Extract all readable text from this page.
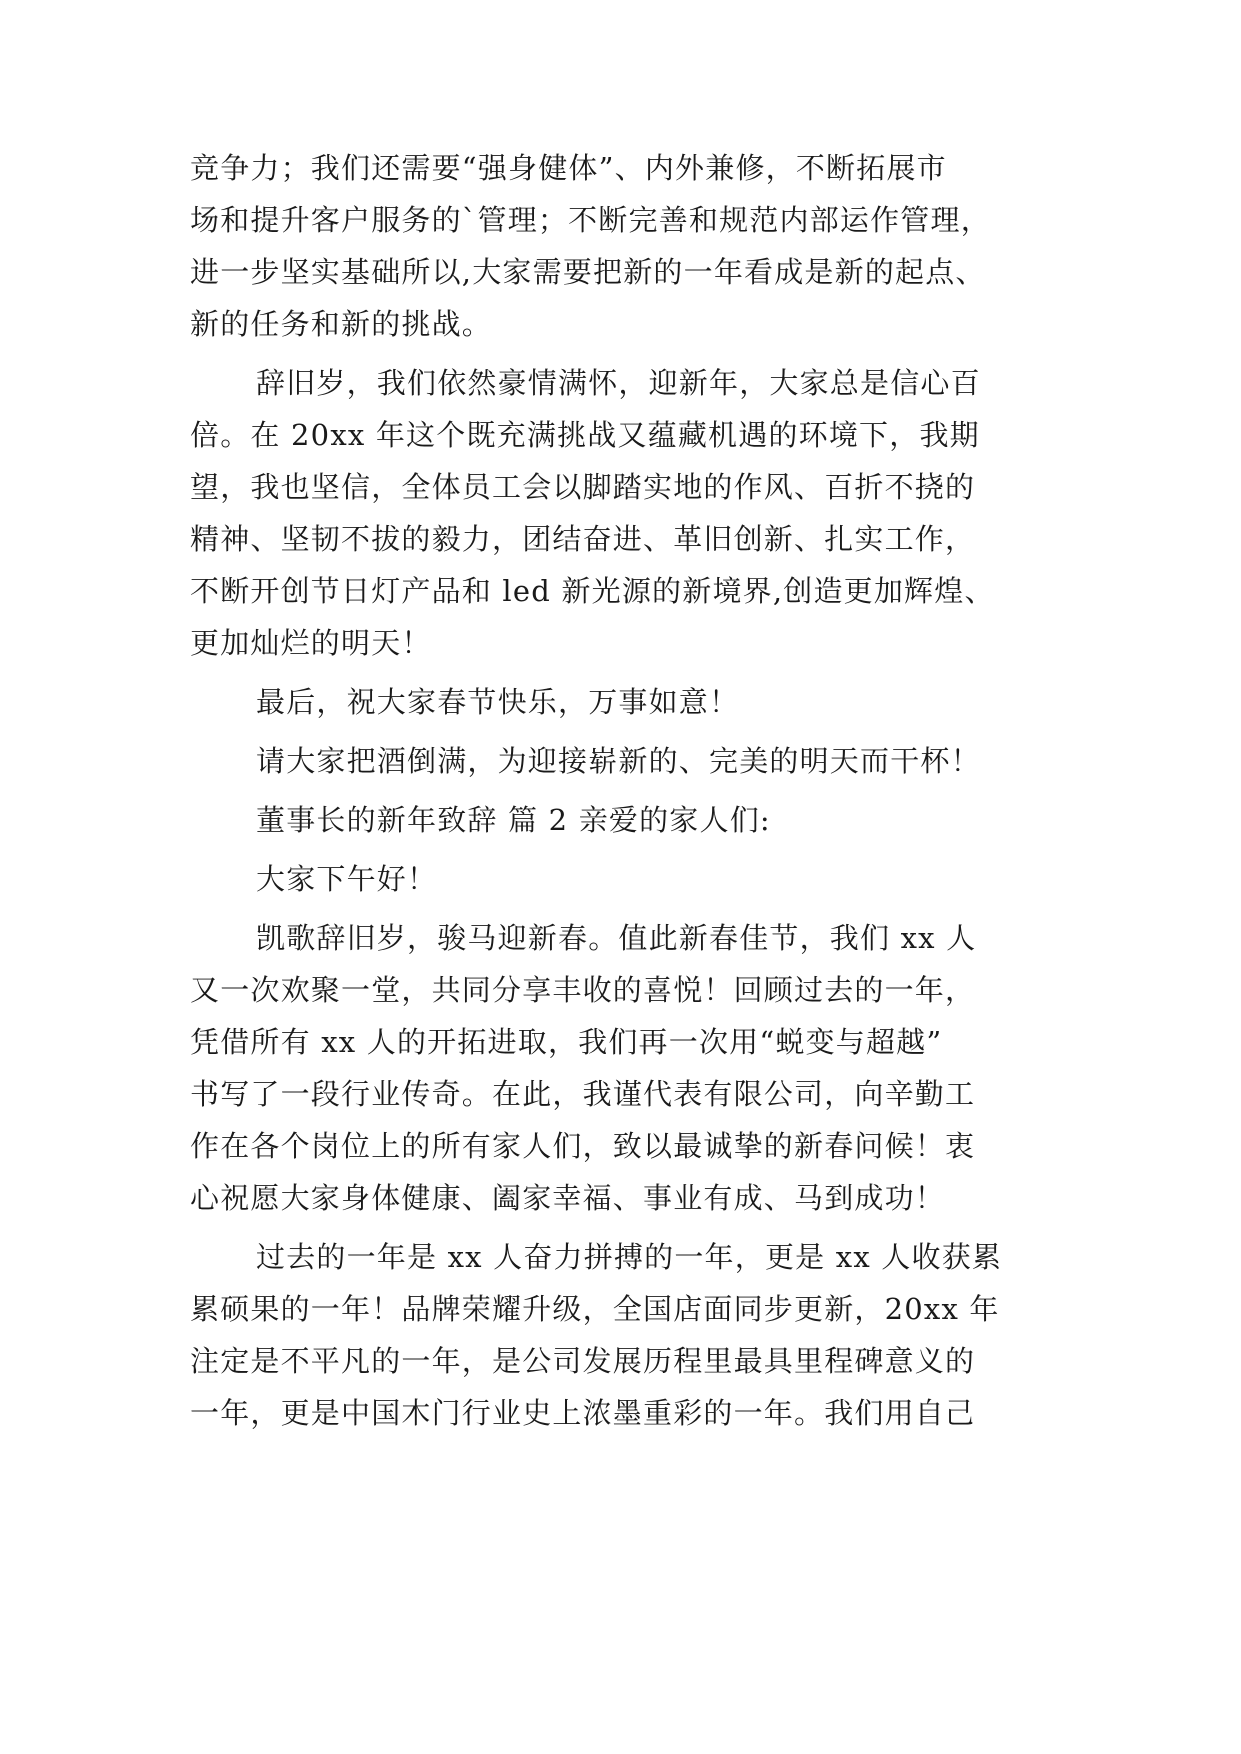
竞争力；我们还需要“强身健体”、内外兼修，不断拓展市
场和提升客户服务的`管理；不断完善和规范内部运作管理，
进一步坚实基础所以,大家需要把新的一年看成是新的起点、
新的任务和新的挑战。
辞旧岁，我们依然豪情满怀，迎新年，大家总是信心百
倍。在 20xx 年这个既充满挑战又蕴藏机遇的环境下，我期
望，我也坚信，全体员工会以脚踏实地的作风、百折不挠的
精神、坚韧不拔的毅力，团结奋进、革旧创新、扎实工作，
不断开创节日灯产品和 led 新光源的新境界,创造更加辉煌、
更加灿烂的明天！
最后，祝大家春节快乐，万事如意！
请大家把酒倒满，为迎接崭新的、完美的明天而干杯！
董事长的新年致辞 篇 2 亲爱的家人们:
大家下午好！
凯歌辞旧岁，骏马迎新春。值此新春佳节，我们 xx 人
又一次欢聚一堂，共同分享丰收的喜悦！回顾过去的一年，
凭借所有 xx 人的开拓进取，我们再一次用“蜕变与超越”
书写了一段行业传奇。在此，我谨代表有限公司，向辛勤工
作在各个岗位上的所有家人们，致以最诚挚的新春问候！衷
心祝愿大家身体健康、阖家幸福、事业有成、马到成功！
过去的一年是 xx 人奋力拼搏的一年，更是 xx 人收获累
累硕果的一年！品牌荣耀升级，全国店面同步更新，20xx 年
注定是不平凡的一年，是公司发展历程里最具里程碑意义的
一年，更是中国木门行业史上浓墨重彩的一年。我们用自己
